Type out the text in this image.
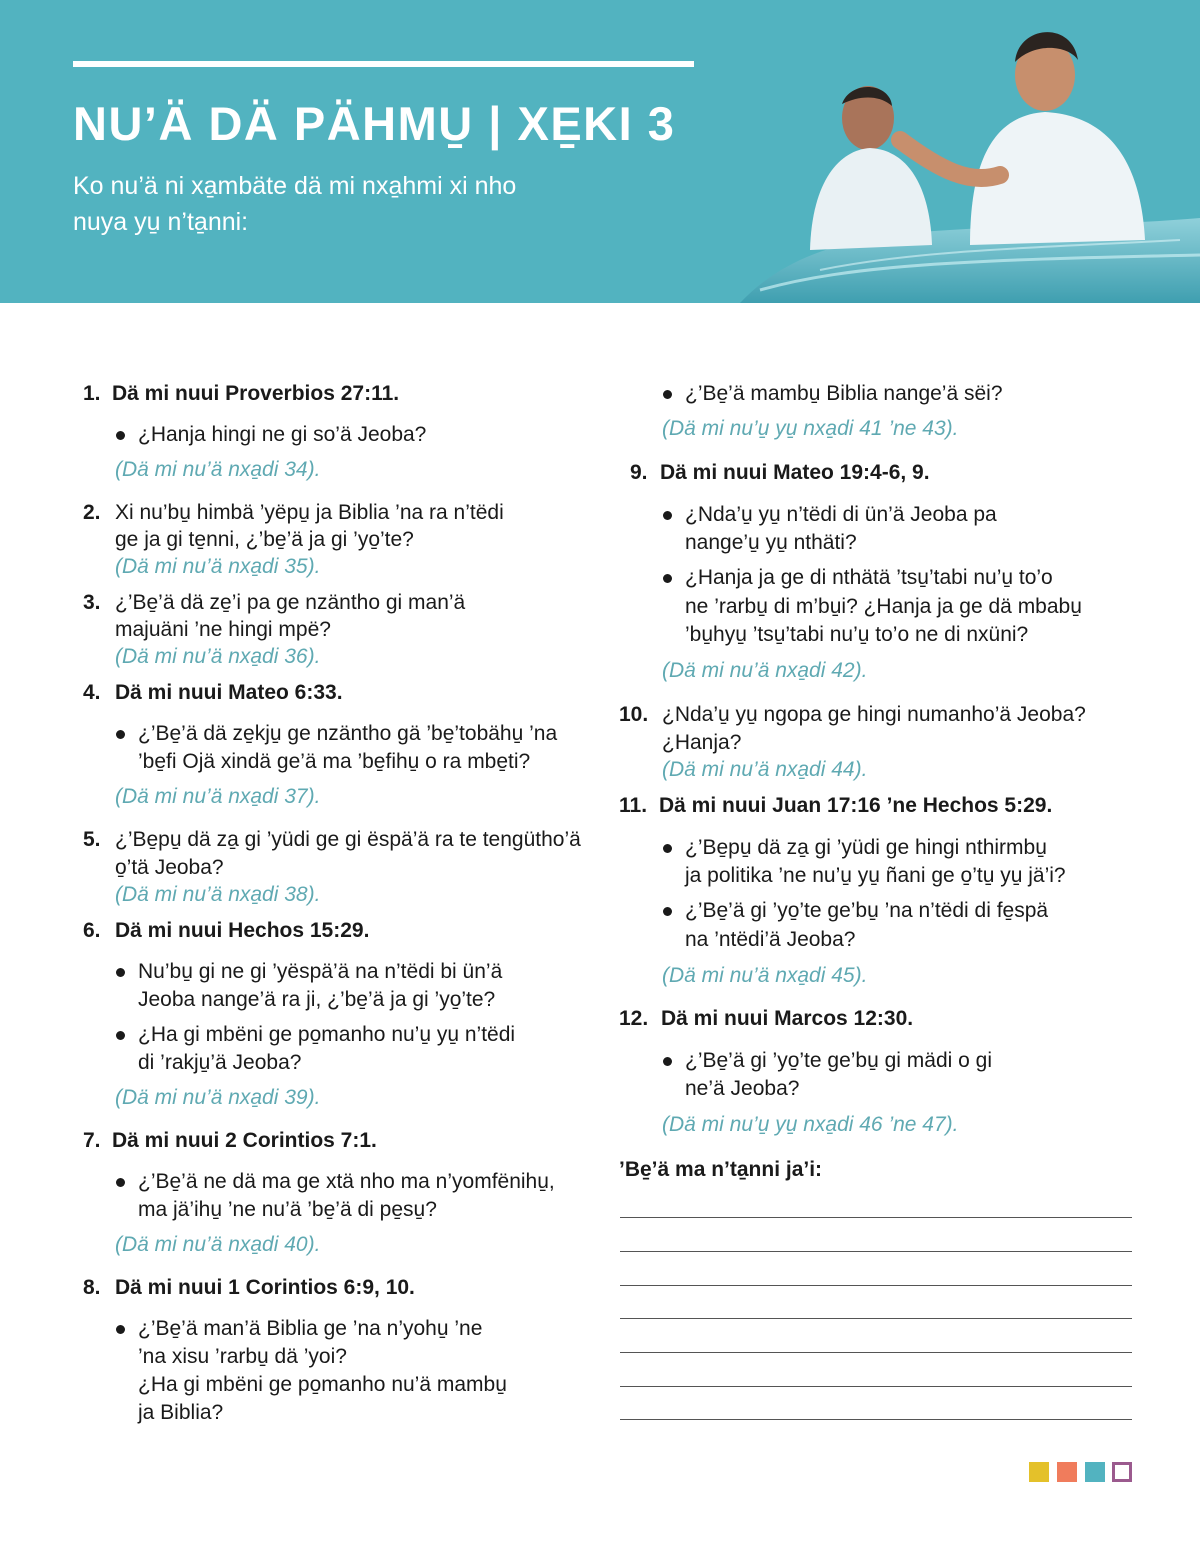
NU’Ä DÄ PÄHMU̱ | XE̱KI 3
Ko nu’ä ni xa̱mbäte dä mi nxa̱hmi xi nho
nuya yu̱ n’ta̱nni:
1. Dä mi nuui Proverbios 27:11.
¿Hanja hingi ne gi so’ä Jeoba?
(Dä mi nu’ä nxa̱di 34).
2. Xi nu’bu̱ himbä ’yëpu̱ ja Biblia ’na ra n’tëdi
ge ja gi te̱nni, ¿’be̱’ä ja gi ’yo̱’te?
(Dä mi nu’ä nxa̱di 35).
3. ¿’Be̱’ä dä ze̱’i pa ge nzäntho gi man’ä
majuäni ’ne hingi mpë?
(Dä mi nu’ä nxa̱di 36).
4. Dä mi nuui Mateo 6:33.
¿’Be̱’ä dä ze̱kju̱ ge nzäntho gä ’be̱’tobähu̱ ’na
’be̱fi Ojä xindä ge’ä ma ’be̱fihu̱ o ra mbe̱ti?
(Dä mi nu’ä nxa̱di 37).
5. ¿’Be̱pu̱ dä za̱ gi ’yüdi ge gi ëspä’ä ra te tengütho’ä
o̱’tä Jeoba?
(Dä mi nu’ä nxa̱di 38).
6. Dä mi nuui Hechos 15:29.
Nu’bu̱ gi ne gi ’yëspä’ä na n’tëdi bi ün’ä
Jeoba nange’ä ra ji, ¿’be̱’ä ja gi ’yo̱’te?
¿Ha gi mbëni ge po̱manho nu’u̱ yu̱ n’tëdi
di ’rakju̱’ä Jeoba?
(Dä mi nu’ä nxa̱di 39).
7. Dä mi nuui 2 Corintios 7:1.
¿’Be̱’ä ne dä ma ge xtä nho ma n’yomfënihu̱,
ma jä’ihu̱ ’ne nu’ä ’be̱’ä di pe̱su̱?
(Dä mi nu’ä nxa̱di 40).
8. Dä mi nuui 1 Corintios 6:9, 10.
¿’Be̱’ä man’ä Biblia ge ’na n’yohu̱ ’ne
’na xisu ’rarbu̱ dä ’yoi?
¿Ha gi mbëni ge po̱manho nu’ä mambu̱
ja Biblia?
¿’Be̱’ä mambu̱ Biblia nange’ä sëi?
(Dä mi nu’u̱ yu̱ nxa̱di 41 ’ne 43).
9. Dä mi nuui Mateo 19:4-6, 9.
¿Nda’u̱ yu̱ n’tëdi di ün’ä Jeoba pa
nange’u̱ yu̱ nthäti?
¿Hanja ja ge di nthätä ’tsu̱’tabi nu’u̱ to’o
ne ’rarbu̱ di m’bu̱i? ¿Hanja ja ge dä mbabu̱
’bu̱hyu̱ ’tsu̱’tabi nu’u̱ to’o ne di nxüni?
(Dä mi nu’ä nxa̱di 42).
10. ¿Nda’u̱ yu̱ ngopa ge hingi numanho’ä Jeoba?
¿Hanja?
(Dä mi nu’ä nxa̱di 44).
11. Dä mi nuui Juan 17:16 ’ne Hechos 5:29.
¿’Be̱pu̱ dä za̱ gi ’yüdi ge hingi nthirmbu̱
ja politika ’ne nu’u̱ yu̱ ñani ge o̱’tu̱ yu̱ jä’i?
¿’Be̱’ä gi ’yo̱’te ge’bu̱ ’na n’tëdi di fe̱spä
na ’ntëdi’ä Jeoba?
(Dä mi nu’ä nxa̱di 45).
12. Dä mi nuui Marcos 12:30.
¿’Be̱’ä gi ’yo̱’te ge’bu̱ gi mädi o gi
ne’ä Jeoba?
(Dä mi nu’u̱ yu̱ nxa̱di 46 ’ne 47).
’Be̱’ä ma n’ta̱nni ja’i:
